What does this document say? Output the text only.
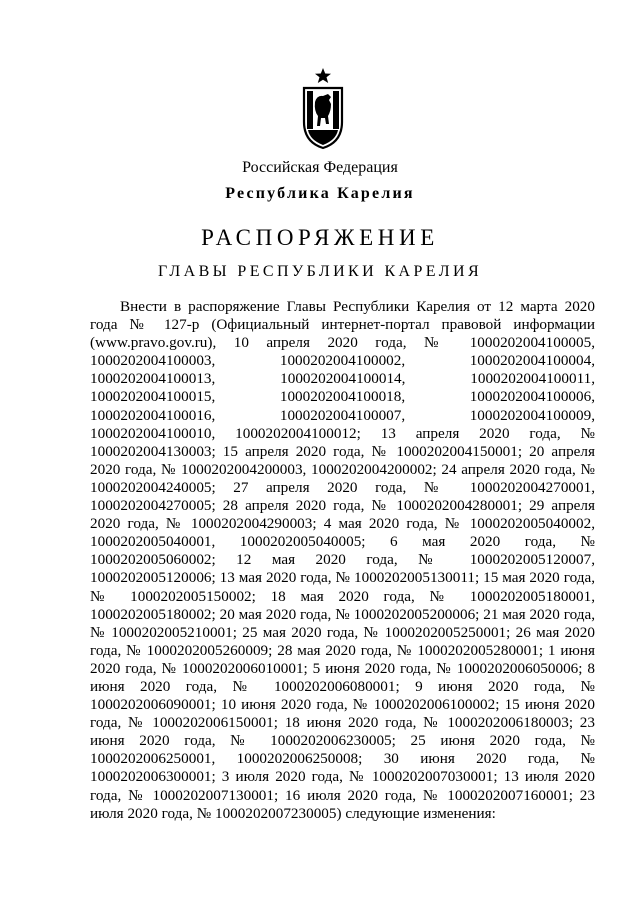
Российская Федерация
Республика Карелия
РАСПОРЯЖЕНИЕ
ГЛАВЫ РЕСПУБЛИКИ КАРЕЛИЯ

Внести в распоряжение Главы Республики Карелия от 12 марта 2020 года № 127-р (Официальный интернет-портал правовой информации (www.pravo.gov.ru), 10 апреля 2020 года, № 1000202004100005, 1000202004100003, 1000202004100002, 1000202004100004, 1000202004100013, 1000202004100014, 1000202004100011, 1000202004100015, 1000202004100018, 1000202004100006, 1000202004100016, 1000202004100007, 1000202004100009, 1000202004100010, 1000202004100012; 13 апреля 2020 года, № 1000202004130003; 15 апреля 2020 года, № 1000202004150001; 20 апреля 2020 года, № 1000202004200003, 1000202004200002; 24 апреля 2020 года, № 1000202004240005; 27 апреля 2020 года, № 1000202004270001, 1000202004270005; 28 апреля 2020 года, № 1000202004280001; 29 апреля 2020 года, № 1000202004290003; 4 мая 2020 года, № 1000202005040002, 1000202005040001, 1000202005040005; 6 мая 2020 года, № 1000202005060002; 12 мая 2020 года, № 1000202005120007, 1000202005120006; 13 мая 2020 года, № 1000202005130011; 15 мая 2020 года, № 1000202005150002; 18 мая 2020 года, № 1000202005180001, 1000202005180002; 20 мая 2020 года, № 1000202005200006; 21 мая 2020 года, № 1000202005210001; 25 мая 2020 года, № 1000202005250001; 26 мая 2020 года, № 1000202005260009; 28 мая 2020 года, № 1000202005280001; 1 июня 2020 года, № 1000202006010001; 5 июня 2020 года, № 1000202006050006; 8 июня 2020 года, № 1000202006080001; 9 июня 2020 года, № 1000202006090001; 10 июня 2020 года, № 1000202006100002; 15 июня 2020 года, № 1000202006150001; 18 июня 2020 года, № 1000202006180003; 23 июня 2020 года, № 1000202006230005; 25 июня 2020 года, № 1000202006250001, 1000202006250008; 30 июня 2020 года, № 1000202006300001; 3 июля 2020 года, № 1000202007030001; 13 июля 2020 года, № 1000202007130001; 16 июля 2020 года, № 1000202007160001; 23 июля 2020 года, № 1000202007230005) следующие изменения:
